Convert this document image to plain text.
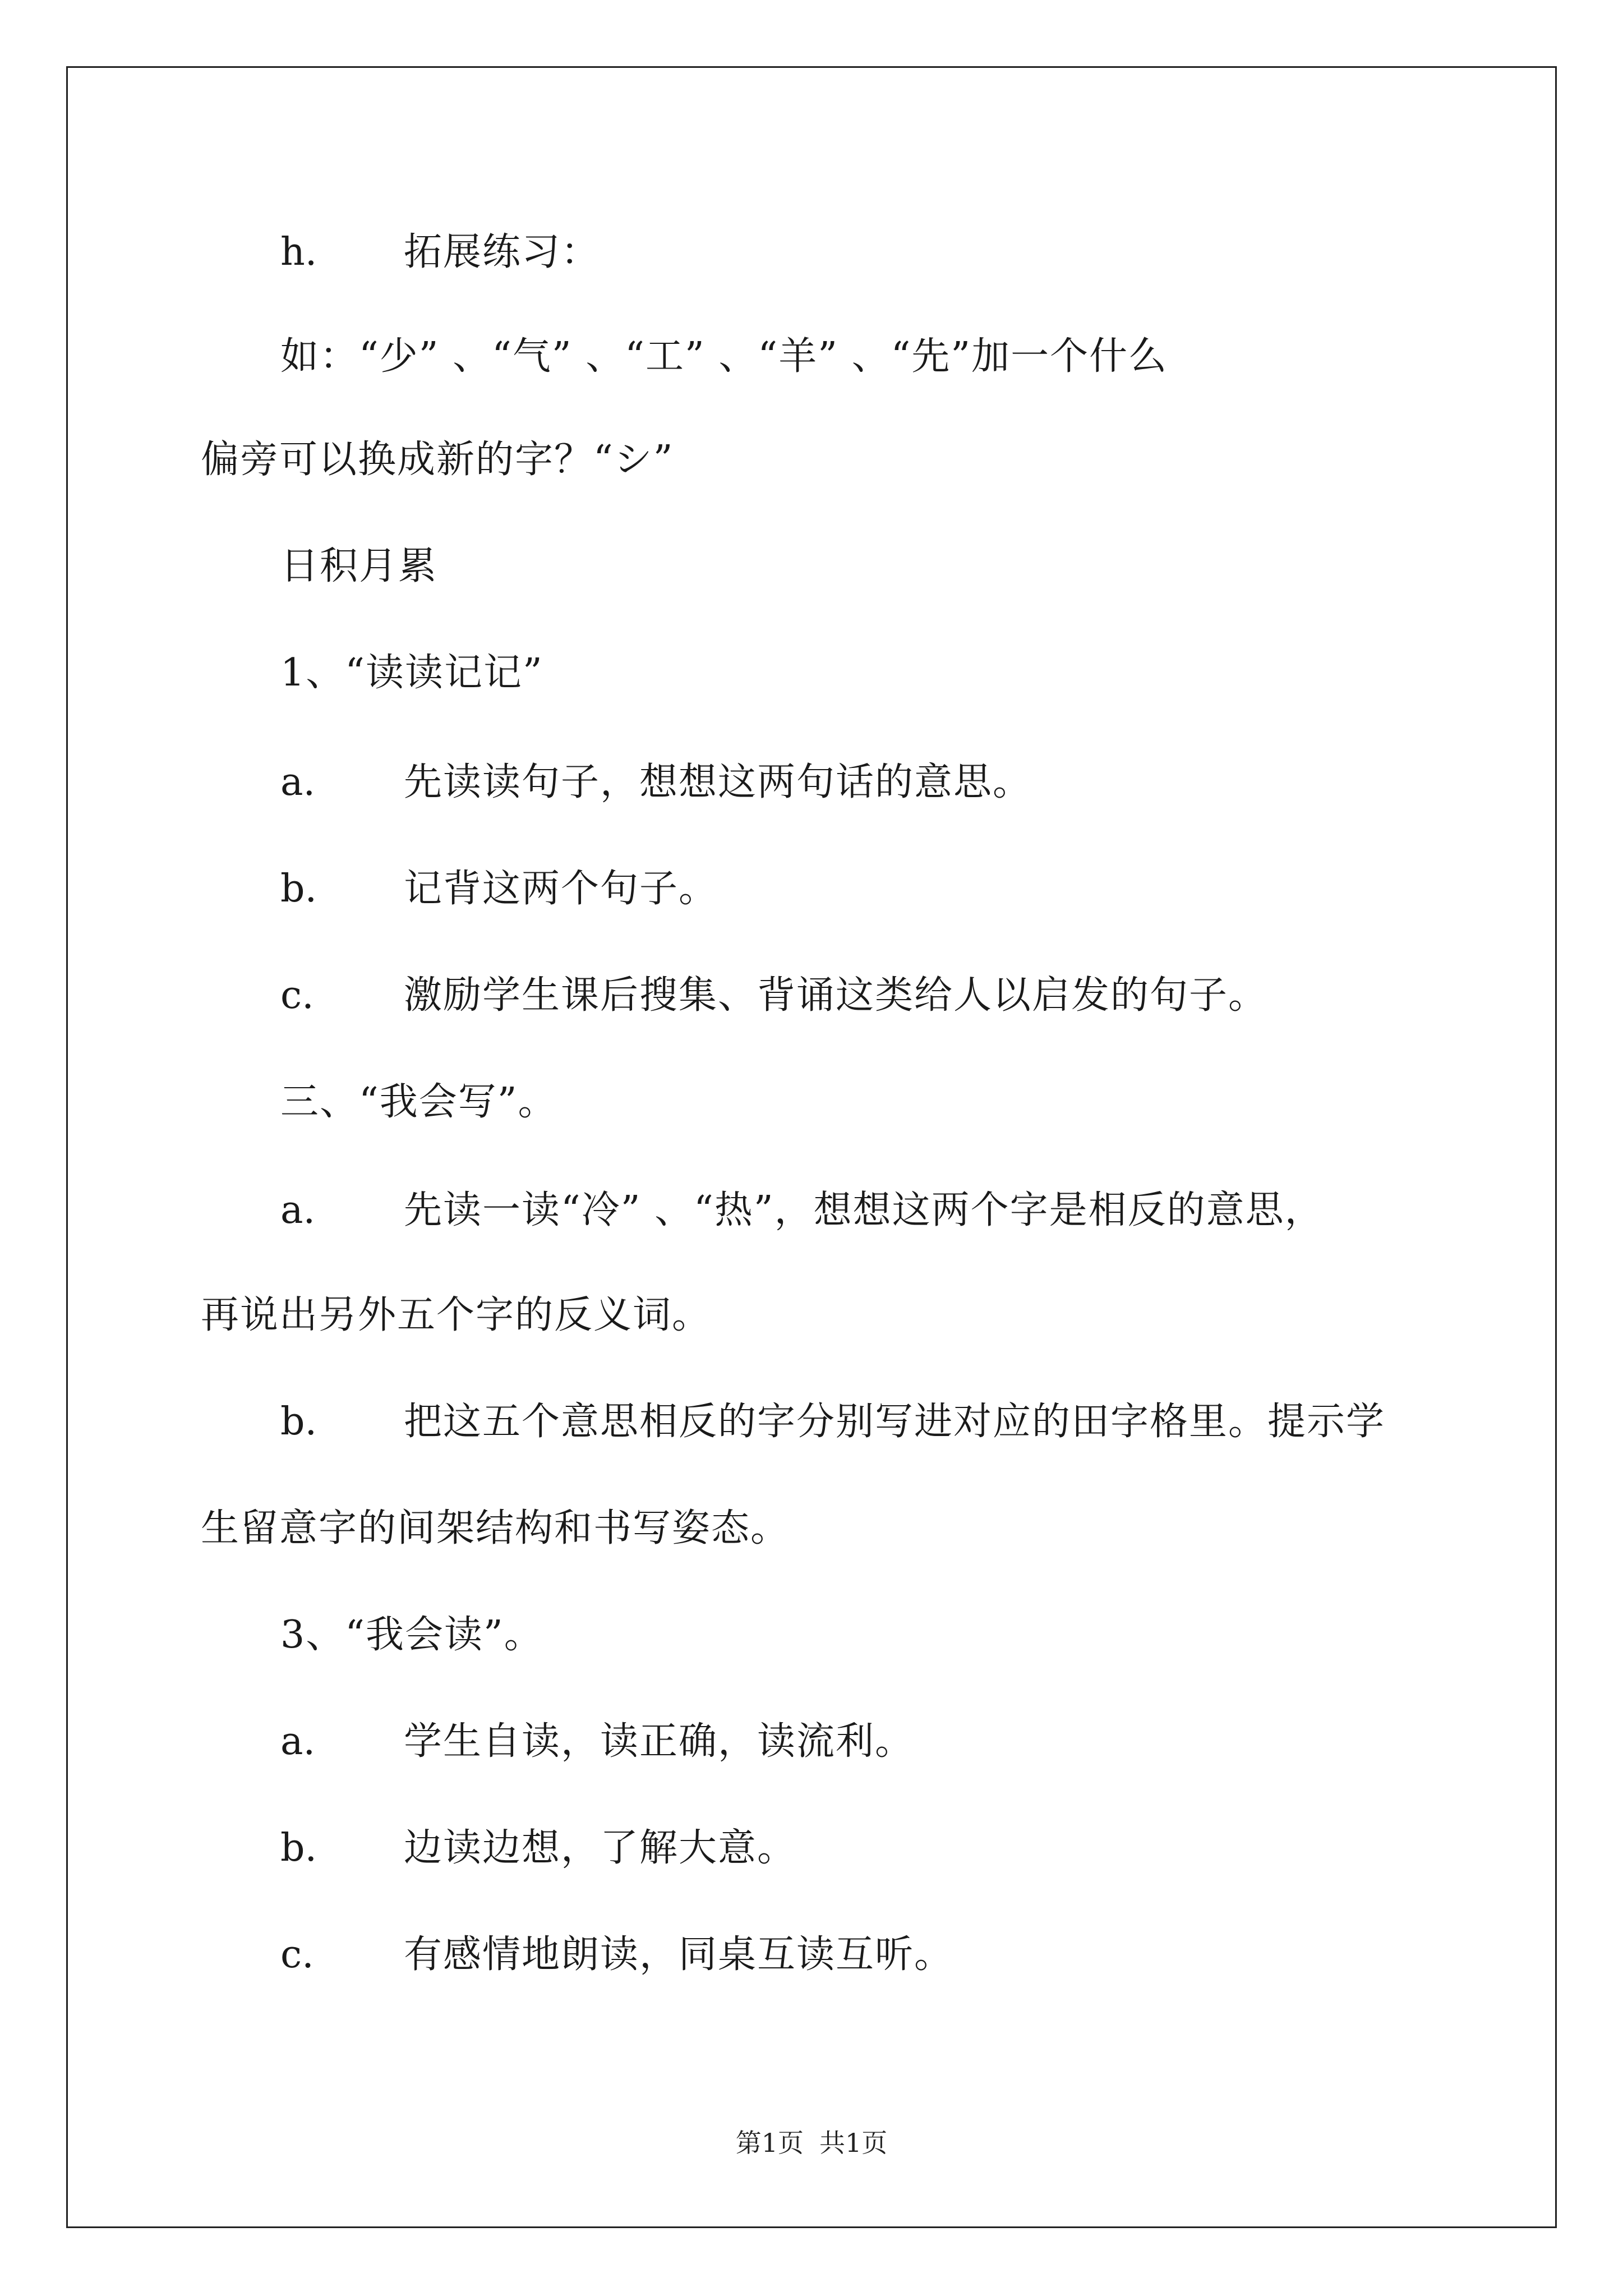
h. 拓展练习：
如：“少” 、“气” 、“工” 、“羊” 、“先”加一个什么
偏旁可以换成新的字？“シ”
日积月累
1、“读读记记”
a. 先读读句子，想想这两句话的意思。
b. 记背这两个句子。
c. 激励学生课后搜集、背诵这类给人以启发的句子。
三、“我会写”。
a. 先读一读“冷” 、“热”，想想这两个字是相反的意思，
再说出另外五个字的反义词。
b. 把这五个意思相反的字分别写进对应的田字格里。提示学
生留意字的间架结构和书写姿态。
3、“我会读”。
a. 学生自读，读正确，读流利。
b. 边读边想，了解大意。
c. 有感情地朗读，同桌互读互听。
第1页 共1页
